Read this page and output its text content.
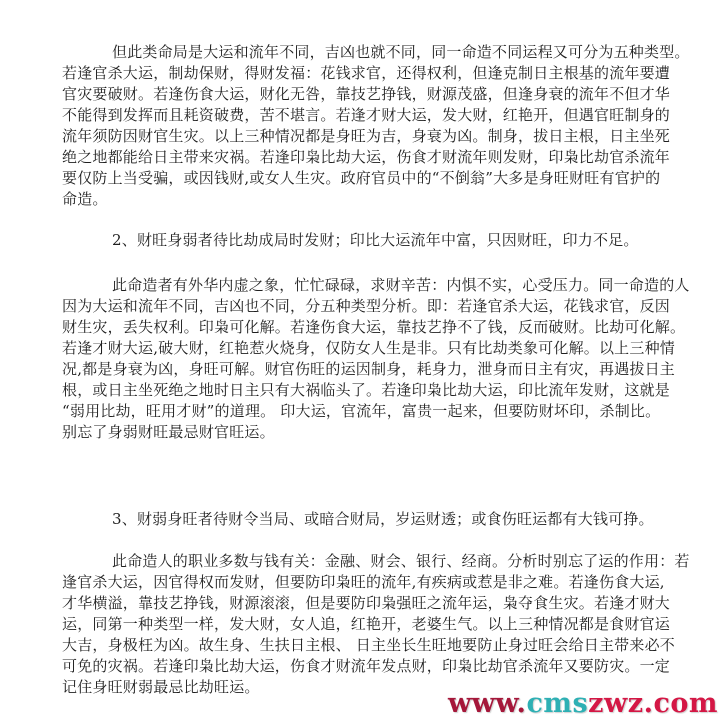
但此类命局是大运和流年不同，吉凶也就不同，同一命造不同运程又可分为五种类型。
若逢官杀大运，制劫保财，得财发福：花钱求官，还得权利，但逢克制日主根基的流年要遭
官灾要破财。若逢伤食大运，财化无咎，靠技艺挣钱，财源茂盛，但逢身衰的流年不但才华
不能得到发挥而且耗资破费，苦不堪言。若逢才财大运，发大财，红艳开，但遇官旺制身的
流年须防因财官生灾。以上三种情况都是身旺为吉，身衰为凶。制身，拔日主根，日主坐死
绝之地都能给日主带来灾祸。若逢印枭比劫大运，伤食才财流年则发财，印枭比劫官杀流年
要仅防上当受骗，或因钱财,或女人生灾。政府官员中的“不倒翁”大多是身旺财旺有官护的
命造。
2、财旺身弱者待比劫成局时发财；印比大运流年中富，只因财旺，印力不足。
此命造者有外华内虚之象，忙忙碌碌，求财辛苦：内惧不实，心受压力。同一命造的人
因为大运和流年不同，吉凶也不同，分五种类型分析。即：若逢官杀大运，花钱求官，反因
财生灾，丢失权利。印枭可化解。若逢伤食大运，靠技艺挣不了钱，反而破财。比劫可化解。
若逢才财大运,破大财，红艳惹火烧身，仅防女人生是非。只有比劫类象可化解。以上三种情
况,都是身衰为凶，身旺可解。财官伤旺的运因制身，耗身力，泄身而日主有灾，再遇拔日主
根，或日主坐死绝之地时日主只有大祸临头了。若逢印枭比劫大运，印比流年发财，这就是
“弱用比劫，旺用才财”的道理。 印大运，官流年，富贵一起来，但要防财坏印，杀制比。
别忘了身弱财旺最忌财官旺运。
3、财弱身旺者待财令当局、或暗合财局，岁运财透；或食伤旺运都有大钱可挣。
此命造人的职业多数与钱有关：金融、财会、银行、经商。分析时别忘了运的作用：若
逢官杀大运，因官得权而发财，但要防印枭旺的流年,有疾病或惹是非之难。若逢伤食大运,
才华横溢，靠技艺挣钱，财源滚滚，但是要防印枭强旺之流年运，枭夺食生灾。若逢才财大
运，同第一种类型一样，发大财，女人追，红艳开，老婆生气。以上三种情况都是食财官运
大吉，身极枉为凶。故生身、生扶日主根、 日主坐长生旺地要防止身过旺会给日主带来必不
可免的灾祸。若逢印枭比劫大运，伤食才财流年发点财，印枭比劫官杀流年又要防灾。一定
记住身旺财弱最忌比劫旺运。
www.cmszwz.com
